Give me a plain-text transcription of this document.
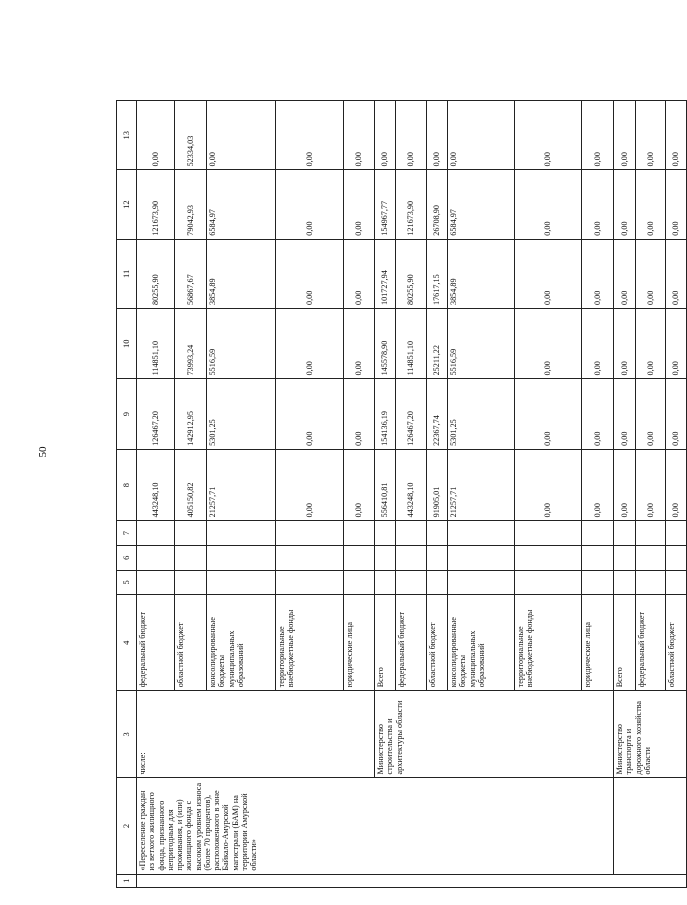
50
1	2	3	4	5	6	7	8	9	10	11	12	13
	«Переселение граждан из ветхого жилищного фонда, признанного непригодным для проживания, и (или) жилищного фонда с высоким уровнем износа (более 70 процентов), расположенного в зоне Байкало-Амурской магистрали (БАМ) на территории Амурской области»	числе:	федеральный бюджет				443248,10	126467,20	114851,10	80255,90	121673,90	0,00
			областной бюджет				405150,82	142912,95	73993,24	56867,67	79042,93	52334,03
			консолидированные бюджеты муниципальных образований				21257,71	5301,25	5516,59	3854,89	6584,97	0,00
			территориальные внебюджетные фонды				0,00	0,00	0,00	0,00	0,00	0,00
			юридические лица				0,00	0,00	0,00	0,00	0,00	0,00
		Министерство строительства и архитектуры области	Всего				556410,81	154136,19	145578,90	101727,94	154967,77	0,00
			федеральный бюджет				443248,10	126467,20	114851,10	80255,90	121673,90	0,00
			областной бюджет				91905,01	22367,74	25211,22	17617,15	26708,90	0,00
			консолидированные бюджеты муниципальных образований				21257,71	5301,25	5516,59	3854,89	6584,97	0,00
			территориальные внебюджетные фонды				0,00	0,00	0,00	0,00	0,00	0,00
			юридические лица				0,00	0,00	0,00	0,00	0,00	0,00
		Министерство транспорта и дорожного хозяйства области	Всего				0,00	0,00	0,00	0,00	0,00	0,00
			федеральный бюджет				0,00	0,00	0,00	0,00	0,00	0,00
			областной бюджет				0,00	0,00	0,00	0,00	0,00	0,00
